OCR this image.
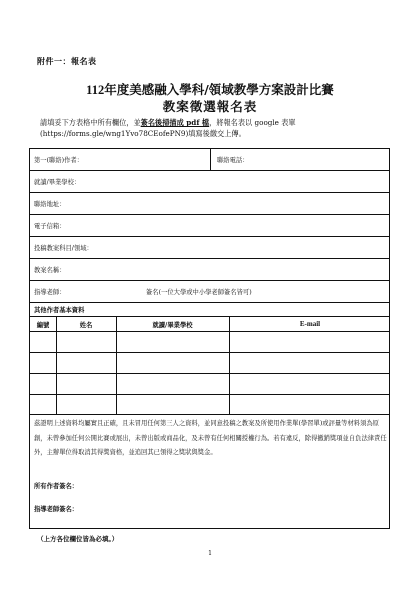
附件一：報名表
112年度美感融入學科/領域教學方案設計比賽
教案徵選報名表
請填妥下方表格中所有欄位，並簽名後掃描成 pdf 檔，將報名表以 google 表單
(https://forms.gle/wng1Yvo78CEofePN9)填寫後繳交上傳。
第一(聯絡)作者：	聯絡電話：
就讀/畢業學校：
聯絡地址：
電子信箱：
投稿教案科目/領域：
教案名稱：
指導老師：	簽名(一位大學或中小學老師簽名皆可)
其他作者基本資料
編號	姓名	就讀/畢業學校	E-mail
茲證明上述資料均屬實且正確，且未冒用任何第三人之資料，並同意投稿之教案及所使用作業單(學習單)或評量等材料須為原創，未曾參加任何公開比賽或展出，未曾出版或商品化，及未曾有任何相關授權行為。若有違反，除得撤銷獎項並自負法律責任外，主辦單位得取消其得獎資格，並追回其已領得之獎狀與獎金。
所有作者簽名：
指導老師簽名：
（上方各位欄位皆為必填。）
1
